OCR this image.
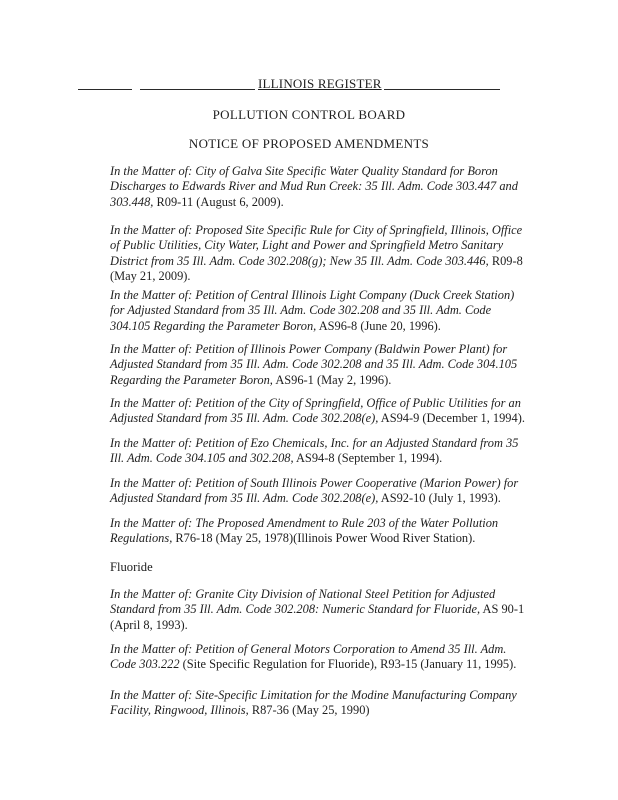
ILLINOIS REGISTER
POLLUTION CONTROL BOARD
NOTICE OF PROPOSED AMENDMENTS
In the Matter of: City of Galva Site Specific Water Quality Standard for Boron Discharges to Edwards River and Mud Run Creek: 35 Ill. Adm. Code 303.447 and 303.448, R09-11 (August 6, 2009).
In the Matter of: Proposed Site Specific Rule for City of Springfield, Illinois, Office of Public Utilities, City Water, Light and Power and Springfield Metro Sanitary District from 35 Ill. Adm. Code 302.208(g); New 35 Ill. Adm. Code 303.446, R09-8 (May 21, 2009).
In the Matter of: Petition of Central Illinois Light Company (Duck Creek Station) for Adjusted Standard from 35 Ill. Adm. Code 302.208 and 35 Ill. Adm. Code 304.105 Regarding the Parameter Boron, AS96-8 (June 20, 1996).
In the Matter of: Petition of Illinois Power Company (Baldwin Power Plant) for Adjusted Standard from 35 Ill. Adm. Code 302.208 and 35 Ill. Adm. Code 304.105 Regarding the Parameter Boron, AS96-1 (May 2, 1996).
In the Matter of: Petition of the City of Springfield, Office of Public Utilities for an Adjusted Standard from 35 Ill. Adm. Code 302.208(e), AS94-9 (December 1, 1994).
In the Matter of: Petition of Ezo Chemicals, Inc. for an Adjusted Standard from 35 Ill. Adm. Code 304.105 and 302.208, AS94-8 (September 1, 1994).
In the Matter of: Petition of South Illinois Power Cooperative (Marion Power) for Adjusted Standard from 35 Ill. Adm. Code 302.208(e), AS92-10 (July 1, 1993).
In the Matter of: The Proposed Amendment to Rule 203 of the Water Pollution Regulations, R76-18 (May 25, 1978)(Illinois Power Wood River Station).
Fluoride
In the Matter of: Granite City Division of National Steel Petition for Adjusted Standard from 35 Ill. Adm. Code 302.208: Numeric Standard for Fluoride, AS 90-1 (April 8, 1993).
In the Matter of: Petition of General Motors Corporation to Amend 35 Ill. Adm. Code 303.222 (Site Specific Regulation for Fluoride), R93-15 (January 11, 1995).
In the Matter of: Site-Specific Limitation for the Modine Manufacturing Company Facility, Ringwood, Illinois, R87-36 (May 25, 1990)
